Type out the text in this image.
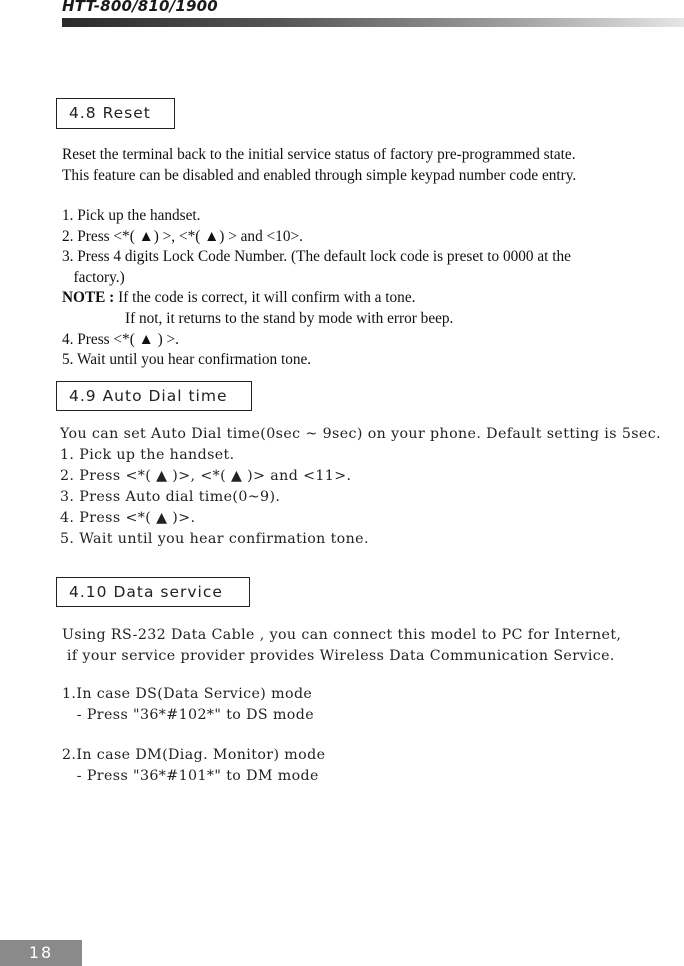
HTT-800/810/1900
4.8 Reset
Reset the terminal back to the initial service status of factory pre-programmed state.
This feature can be disabled and enabled through simple keypad number code entry.
1. Pick up the handset.
2. Press <*( ▲) >, <*( ▲) > and <10>.
3. Press 4 digits Lock Code Number. (The default lock code is preset to 0000 at the
factory.)
NOTE : If the code is correct, it will confirm with a tone.
If not, it returns to the stand by mode with error beep.
4. Press <*( ▲ ) >.
5. Wait until you hear confirmation tone.
4.9 Auto Dial time
You can set Auto Dial time(0sec ~ 9sec) on your phone. Default setting is 5sec.
1. Pick up the handset.
2. Press <*( ▲ )>, <*( ▲ )> and <11>.
3. Press Auto dial time(0~9).
4. Press <*( ▲ )>.
5. Wait until you hear confirmation tone.
4.10 Data service
Using RS-232 Data Cable , you can connect this model to PC for Internet,
if your service provider provides Wireless Data Communication Service.
1.In case DS(Data Service) mode
- Press "36*#102*" to DS mode
2.In case DM(Diag. Monitor) mode
- Press "36*#101*" to DM mode
18
